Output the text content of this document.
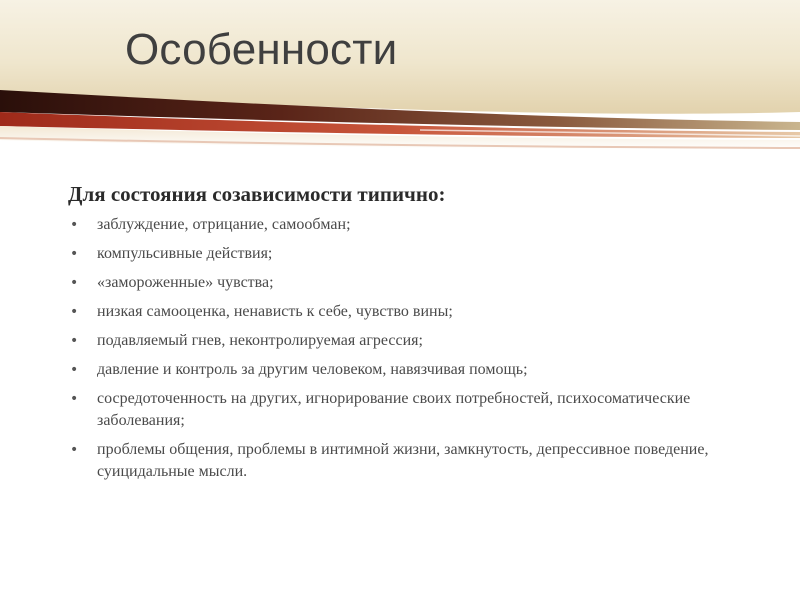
Особенности

Для состояния созависимости типично:

• заблуждение, отрицание, самообман;
• компульсивные действия;
• «замороженные» чувства;
• низкая самооценка, ненависть к себе, чувство вины;
• подавляемый гнев, неконтролируемая агрессия;
• давление и контроль за другим человеком, навязчивая помощь;
• сосредоточенность на других, игнорирование своих потребностей, психосоматические заболевания;
• проблемы общения, проблемы в интимной жизни, замкнутость, депрессивное поведение, суицидальные мысли.
